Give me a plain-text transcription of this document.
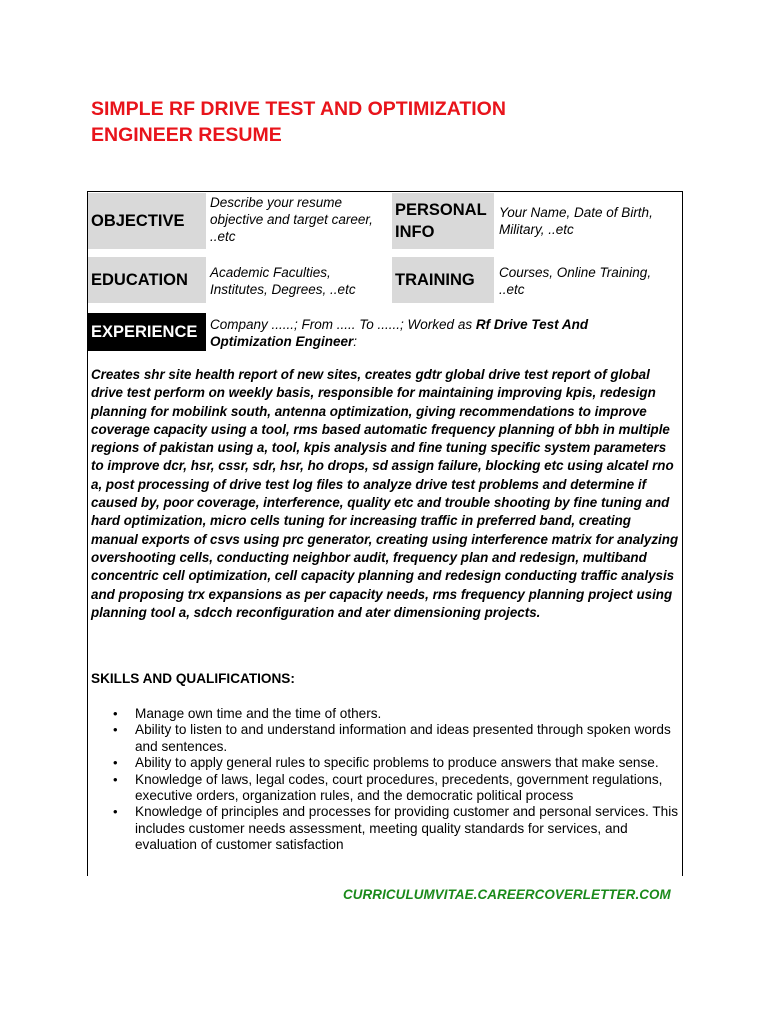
SIMPLE RF DRIVE TEST AND OPTIMIZATION
ENGINEER RESUME
OBJECTIVE
Describe your resume objective and target career, ..etc
PERSONAL
INFO
Your Name, Date of Birth, Military, ..etc
EDUCATION	Academic Faculties, Institutes, Degrees, ..etc
TRAINING	Courses, Online Training, ..etc
EXPERIENCE Company ......; From ..... To ......; Worked as Rf Drive Test And Optimization Engineer:

Creates shr site health report of new sites, creates gdtr global drive test report of global drive test perform on weekly basis, responsible for maintaining improving kpis, redesign planning for mobilink south, antenna optimization, giving recommendations to improve coverage capacity using a tool, rms based automatic frequency planning of bbh in multiple regions of pakistan using a, tool, kpis analysis and fine tuning specific system parameters to improve dcr, hsr, cssr, sdr, hsr, ho drops, sd assign failure, blocking etc using alcatel rno a, post processing of drive test log files to analyze drive test problems and determine if caused by, poor coverage, interference, quality etc and trouble shooting by fine tuning and hard optimization, micro cells tuning for increasing traffic in preferred band, creating manual exports of csvs using prc generator, creating using interference matrix for analyzing overshooting cells, conducting neighbor audit, frequency plan and redesign, multiband concentric cell optimization, cell capacity planning and redesign conducting traffic analysis and proposing trx expansions as per capacity needs, rms frequency planning project using planning tool a, sdcch reconfiguration and ater dimensioning projects.

SKILLS AND QUALIFICATIONS:
• Manage own time and the time of others.
• Ability to listen to and understand information and ideas presented through spoken words and sentences.
• Ability to apply general rules to specific problems to produce answers that make sense.
• Knowledge of laws, legal codes, court procedures, precedents, government regulations, executive orders, organization rules, and the democratic political process
• Knowledge of principles and processes for providing customer and personal services. This includes customer needs assessment, meeting quality standards for services, and evaluation of customer satisfaction
CURRICULUMVITAE.CAREERCOVERLETTER.COM
